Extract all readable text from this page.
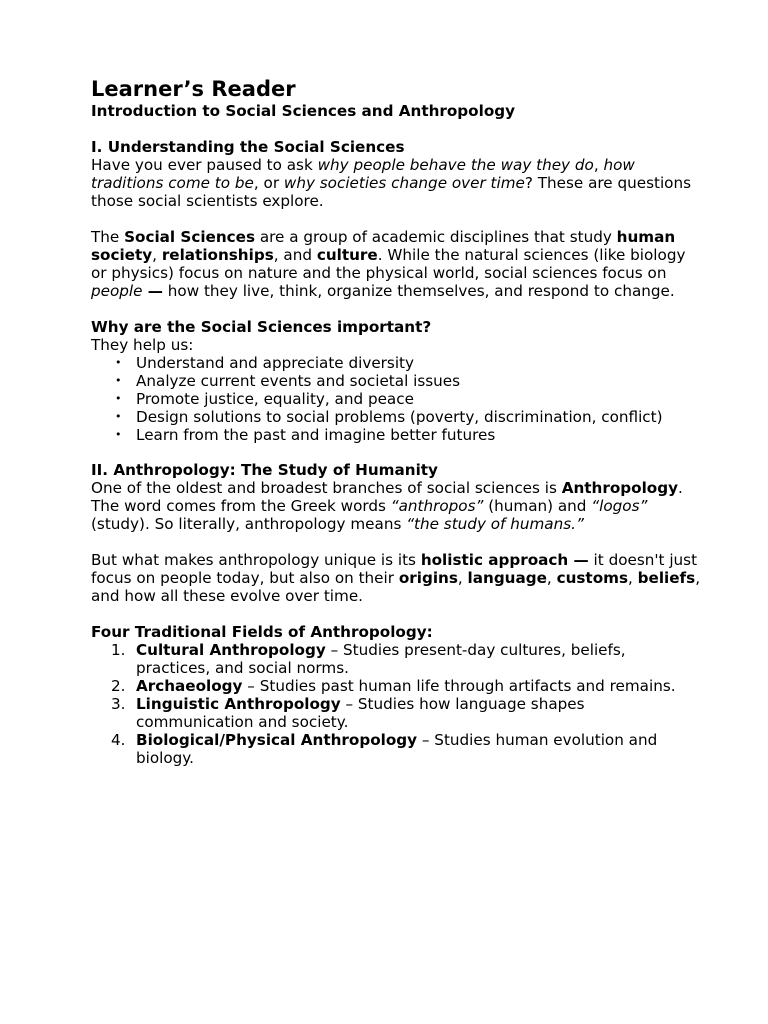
Learner’s Reader
Introduction to Social Sciences and Anthropology
I. Understanding the Social Sciences

Have you ever paused to ask why people behave the way they do, how traditions come to be, or why societies change over time? These are questions those social scientists explore.

The Social Sciences are a group of academic disciplines that study human society, relationships, and culture. While the natural sciences (like biology or physics) focus on nature and the physical world, social sciences focus on people — how they live, think, organize themselves, and respond to change.

Why are the Social Sciences important?

They help us:

• Understand and appreciate diversity
• Analyze current events and societal issues
• Promote justice, equality, and peace
• Design solutions to social problems (poverty, discrimination, conflict)
• Learn from the past and imagine better futures
II. Anthropology: The Study of Humanity

One of the oldest and broadest branches of social sciences is Anthropology. The word comes from the Greek words “anthropos” (human) and “logos” (study). So literally, anthropology means “the study of humans.”

But what makes anthropology unique is its holistic approach — it doesn't just focus on people today, but also on their origins, language, customs, beliefs, and how all these evolve over time.

Four Traditional Fields of Anthropology:
1. Cultural Anthropology – Studies present-day cultures, beliefs, practices, and social norms.
2. Archaeology – Studies past human life through artifacts and remains.
3. Linguistic Anthropology – Studies how language shapes communication and society.
4. Biological/Physical Anthropology – Studies human evolution and biology.
